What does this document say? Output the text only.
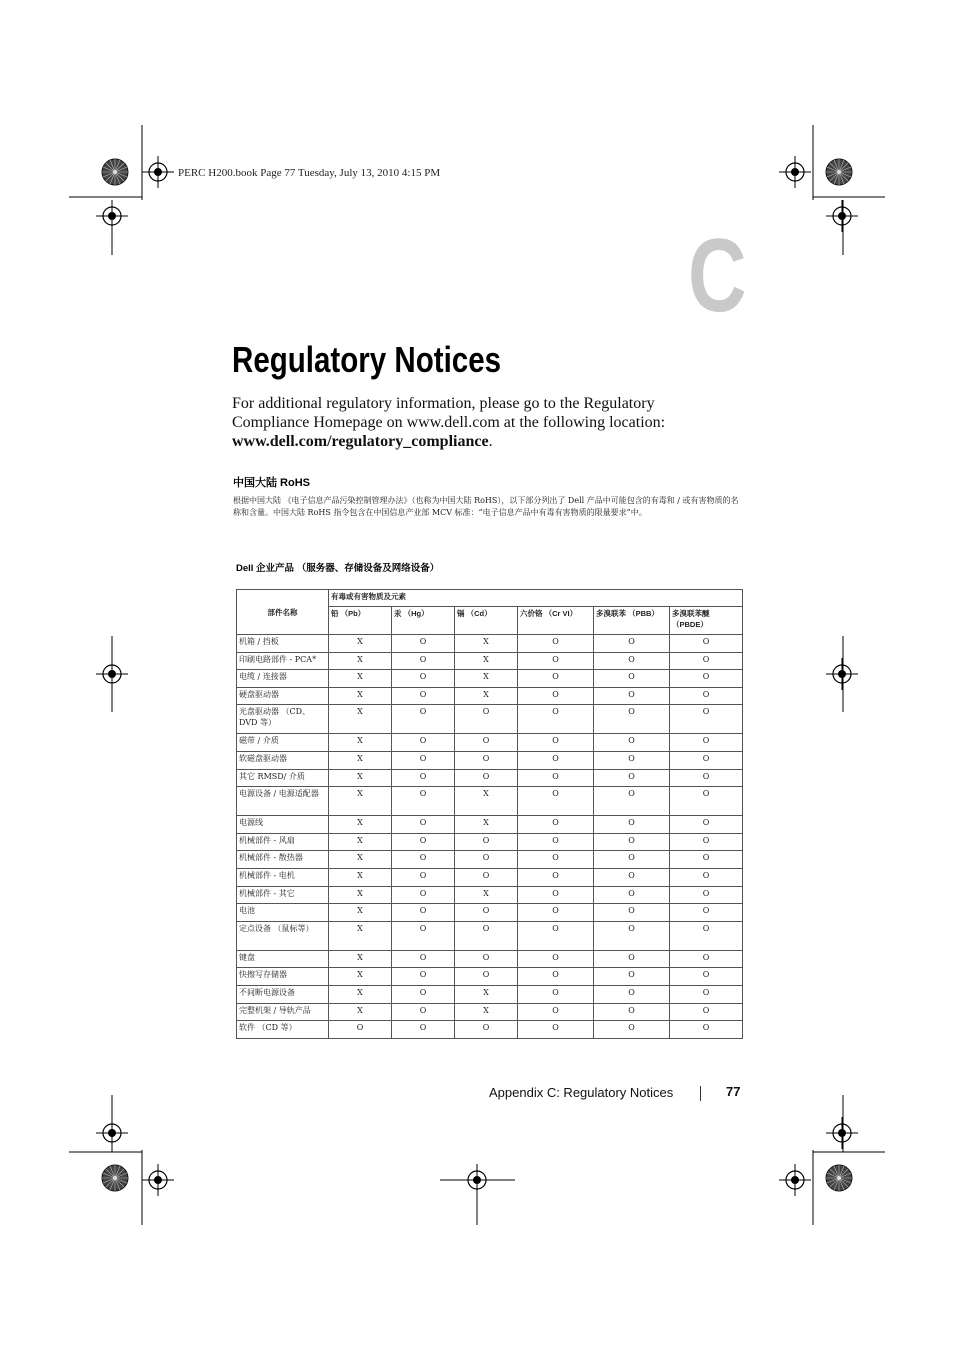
PERC H200.book Page 77 Tuesday, July 13, 2010 4:15 PM
C
Regulatory Notices

For additional regulatory information, please go to the Regulatory Compliance Homepage on www.dell.com at the following location: www.dell.com/regulatory_compliance.

中国大陆 RoHS
根据中国大陆 《电子信息产品污染控制管理办法》（也称为中国大陆 RoHS），以下部分列出了 Dell 产品中可能包含的有毒和 / 或有害物质的名称和含量。中国大陆 RoHS 指令包含在中国信息产业部 MCV 标准：“电子信息产品中有毒有害物质的限量要求”中。
Dell 企业产品 （服务器、存储设备及网络设备）
部件名称	有毒或有害物质及元素					
	铅 （Pb）	汞 （Hg）	镉 （Cd）	六价铬 （Cr VI）	多溴联苯 （PBB）	多溴联苯醚 （PBDE）
机箱 / 挡板	X	O	X	O	O	O
印刷电路部件 - PCA*	X	O	X	O	O	O
电缆 / 连接器	X	O	X	O	O	O
硬盘驱动器	X	O	X	O	O	O
光盘驱动器 （CD、 DVD 等）	X	O	O	O	O	O
磁带 / 介质	X	O	O	O	O	O
软磁盘驱动器	X	O	O	O	O	O
其它 RMSD/ 介质	X	O	O	O	O	O
电源设备 / 电源适配器	X	O	X	O	O	O
电源线	X	O	X	O	O	O
机械部件 - 风扇	X	O	O	O	O	O
机械部件 - 散热器	X	O	O	O	O	O
机械部件 - 电机	X	O	O	O	O	O
机械部件 - 其它	X	O	X	O	O	O
电池	X	O	O	O	O	O
定点设备 （鼠标等）	X	O	O	O	O	O
键盘	X	O	O	O	O	O
快擦写存储器	X	O	O	O	O	O
不间断电源设备	X	O	X	O	O	O
完整机架 / 导轨产品	X	O	X	O	O	O
软件 （CD 等）	O	O	O	O	O	O
Appendix C: Regulatory Notices	77
